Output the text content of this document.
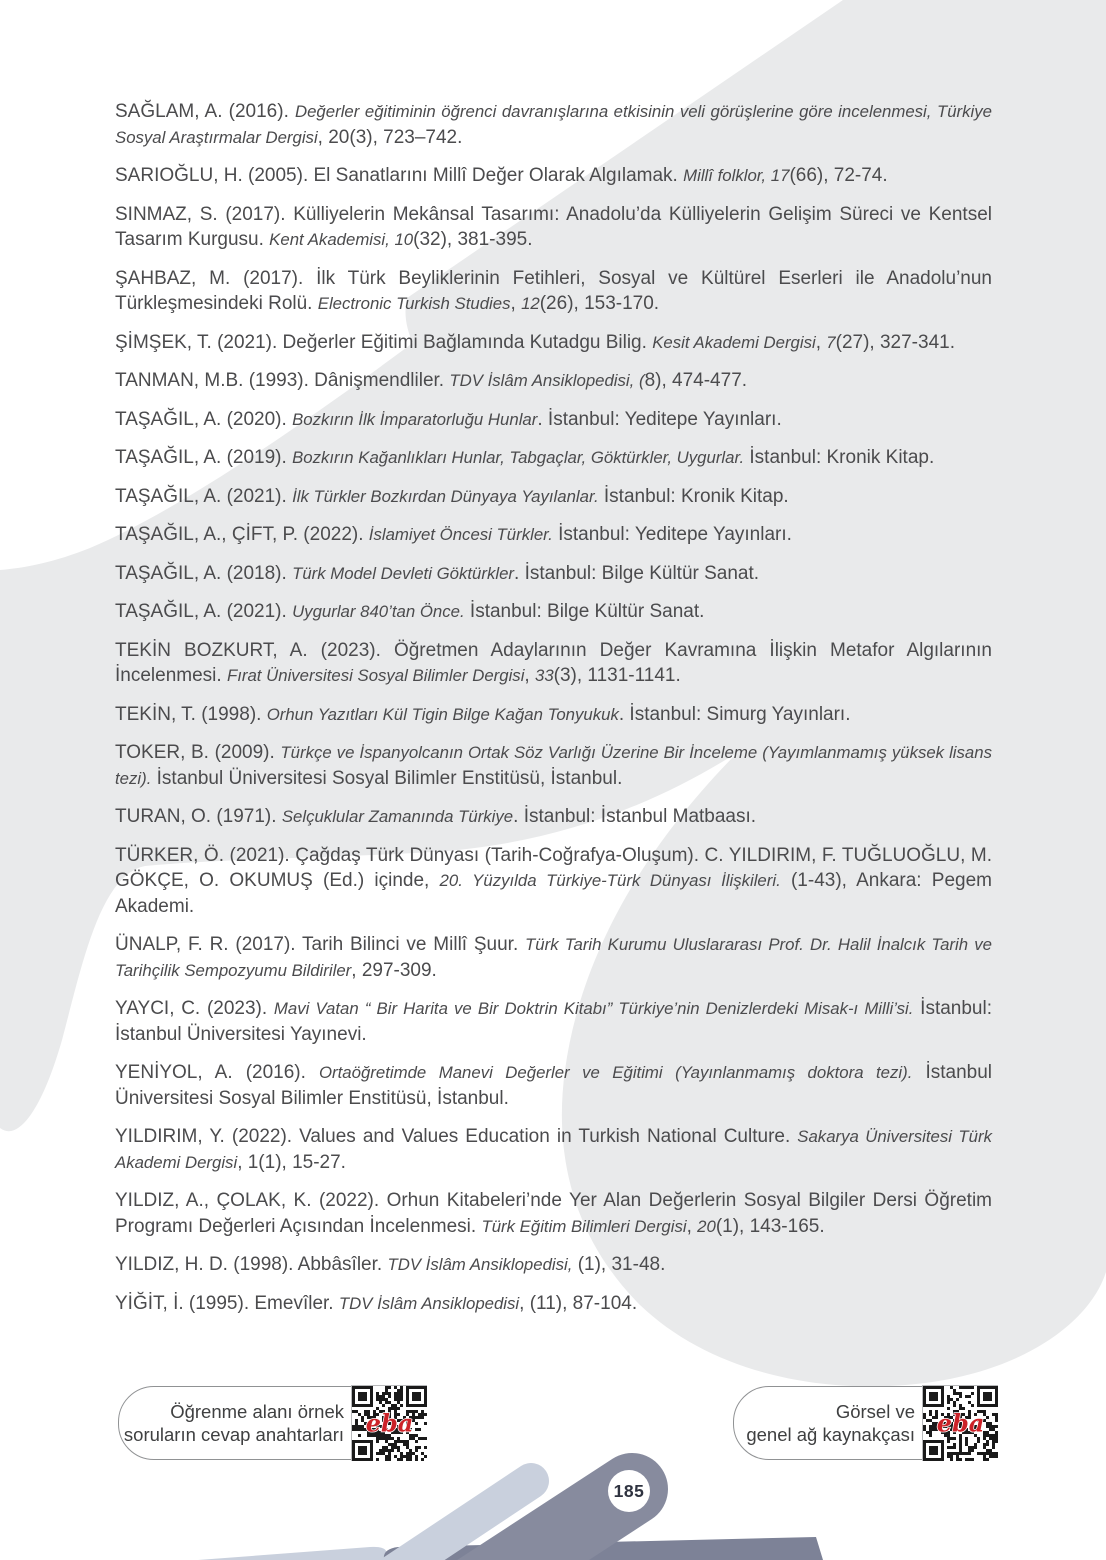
SAĞLAM, A. (2016). Değerler eğitiminin öğrenci davranışlarına etkisinin veli görüşlerine göre incelenmesi, Türkiye Sosyal Araştırmalar Dergisi, 20(3), 723–742.

SARIOĞLU, H. (2005). El Sanatlarını Millî Değer Olarak Algılamak. Millî folklor, 17(66), 72-74.

SINMAZ, S. (2017). Külliyelerin Mekânsal Tasarımı: Anadolu’da Külliyelerin Gelişim Süreci ve Kentsel Tasarım Kurgusu. Kent Akademisi, 10(32), 381-395.

ŞAHBAZ, M. (2017). İlk Türk Beyliklerinin Fetihleri, Sosyal ve Kültürel Eserleri ile Anadolu’nun Türkleşmesindeki Rolü. Electronic Turkish Studies, 12(26), 153-170.

ŞİMŞEK, T. (2021). Değerler Eğitimi Bağlamında Kutadgu Bilig. Kesit Akademi Dergisi, 7(27), 327-341.

TANMAN, M.B. (1993). Dânişmendliler. TDV İslâm Ansiklopedisi, (8), 474-477.

TAŞAĞIL, A. (2020). Bozkırın İlk İmparatorluğu Hunlar. İstanbul: Yeditepe Yayınları.

TAŞAĞIL, A. (2019). Bozkırın Kağanlıkları Hunlar, Tabgaçlar, Göktürkler, Uygurlar. İstanbul: Kronik Kitap.

TAŞAĞIL, A. (2021). İlk Türkler Bozkırdan Dünyaya Yayılanlar. İstanbul: Kronik Kitap.

TAŞAĞIL, A., ÇİFT, P. (2022). İslamiyet Öncesi Türkler. İstanbul: Yeditepe Yayınları.

TAŞAĞIL, A. (2018). Türk Model Devleti Göktürkler. İstanbul: Bilge Kültür Sanat.

TAŞAĞIL, A. (2021). Uygurlar 840’tan Önce. İstanbul: Bilge Kültür Sanat.

TEKİN BOZKURT, A. (2023). Öğretmen Adaylarının Değer Kavramına İlişkin Metafor Algılarının İncelenmesi. Fırat Üniversitesi Sosyal Bilimler Dergisi, 33(3), 1131-1141.

TEKİN, T. (1998). Orhun Yazıtları Kül Tigin Bilge Kağan Tonyukuk. İstanbul: Simurg Yayınları.

TOKER, B. (2009). Türkçe ve İspanyolcanın Ortak Söz Varlığı Üzerine Bir İnceleme (Yayımlanmamış yüksek lisans tezi). İstanbul Üniversitesi Sosyal Bilimler Enstitüsü, İstanbul.

TURAN, O. (1971). Selçuklular Zamanında Türkiye. İstanbul: İstanbul Matbaası.

TÜRKER, Ö. (2021). Çağdaş Türk Dünyası (Tarih-Coğrafya-Oluşum). C. YILDIRIM, F. TUĞLUOĞLU, M. GÖKÇE, O. OKUMUŞ (Ed.) içinde, 20. Yüzyılda Türkiye-Türk Dünyası İlişkileri. (1-43), Ankara: Pegem Akademi.

ÜNALP, F. R. (2017). Tarih Bilinci ve Millî Şuur. Türk Tarih Kurumu Uluslararası Prof. Dr. Halil İnalcık Tarih ve Tarihçilik Sempozyumu Bildiriler, 297-309.

YAYCI, C. (2023). Mavi Vatan “ Bir Harita ve Bir Doktrin Kitabı” Türkiye’nin Denizlerdeki Misak-ı Milli’si. İstanbul: İstanbul Üniversitesi Yayınevi.

YENİYOL, A. (2016). Ortaöğretimde Manevi Değerler ve Eğitimi (Yayınlanmamış doktora tezi). İstanbul Üniversitesi Sosyal Bilimler Enstitüsü, İstanbul.

YILDIRIM, Y. (2022). Values and Values Education in Turkish National Culture. Sakarya Üniversitesi Türk Akademi Dergisi, 1(1), 15-27.

YILDIZ, A., ÇOLAK, K. (2022). Orhun Kitabeleri’nde Yer Alan Değerlerin Sosyal Bilgiler Dersi Öğretim Programı Değerleri Açısından İncelenmesi. Türk Eğitim Bilimleri Dergisi, 20(1), 143-165.

YILDIZ, H. D. (1998). Abbâsîler. TDV İslâm Ansiklopedisi, (1), 31-48.

YİĞİT, İ. (1995). Emevîler. TDV İslâm Ansiklopedisi, (11), 87-104.

Öğrenme alanı örnek
soruların cevap anahtarları eba	Görsel ve
genel ağ kaynakçası eba
185
